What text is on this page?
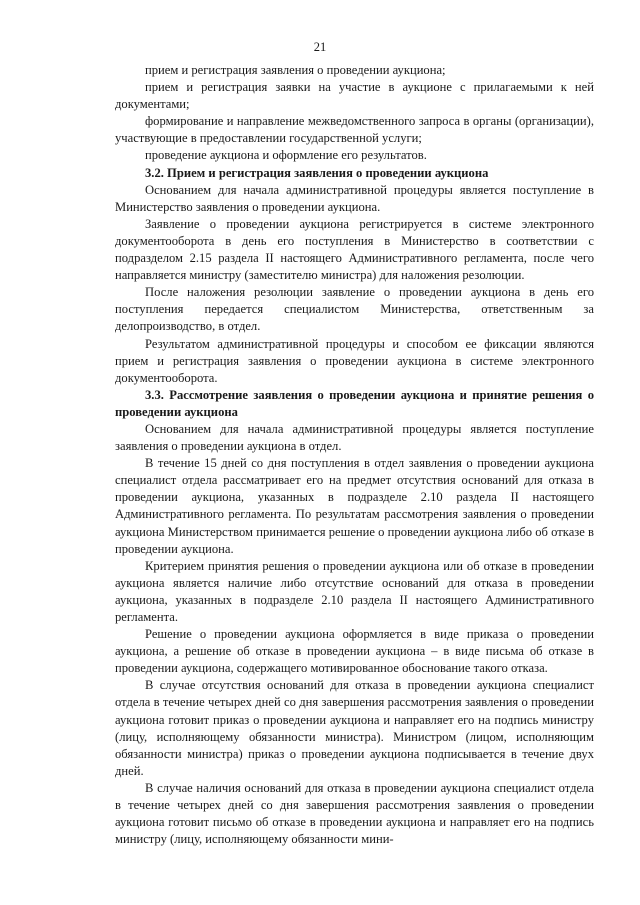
21

прием и регистрация заявления о проведении аукциона;

прием и регистрация заявки на участие в аукционе с прилагаемыми к ней документами;

формирование и направление межведомственного запроса в органы (организации), участвующие в предоставлении государственной услуги;

проведение аукциона и оформление его результатов.

3.2. Прием и регистрация заявления о проведении аукциона

Основанием для начала административной процедуры является поступление в Министерство заявления о проведении аукциона.

Заявление о проведении аукциона регистрируется в системе электронного документооборота в день его поступления в Министерство в соответствии с подразделом 2.15 раздела II настоящего Административного регламента, после чего направляется министру (заместителю министра) для наложения резолюции.

После наложения резолюции заявление о проведении аукциона в день его поступления передается специалистом Министерства, ответственным за делопроизводство, в отдел.

Результатом административной процедуры и способом ее фиксации являются прием и регистрация заявления о проведении аукциона в системе электронного документооборота.

3.3. Рассмотрение заявления о проведении аукциона и принятие решения о проведении аукциона

Основанием для начала административной процедуры является поступление заявления о проведении аукциона в отдел.

В течение 15 дней со дня поступления в отдел заявления о проведении аукциона специалист отдела рассматривает его на предмет отсутствия оснований для отказа в проведении аукциона, указанных в подразделе 2.10 раздела II настоящего Административного регламента. По результатам рассмотрения заявления о проведении аукциона Министерством принимается решение о проведении аукциона либо об отказе в проведении аукциона.

Критерием принятия решения о проведении аукциона или об отказе в проведении аукциона является наличие либо отсутствие оснований для отказа в проведении аукциона, указанных в подразделе 2.10 раздела II настоящего Административного регламента.

Решение о проведении аукциона оформляется в виде приказа о проведении аукциона, а решение об отказе в проведении аукциона – в виде письма об отказе в проведении аукциона, содержащего мотивированное обоснование такого отказа.

В случае отсутствия оснований для отказа в проведении аукциона специалист отдела в течение четырех дней со дня завершения рассмотрения заявления о проведении аукциона готовит приказ о проведении аукциона и направляет его на подпись министру (лицу, исполняющему обязанности министра). Министром (лицом, исполняющим обязанности министра) приказ о проведении аукциона подписывается в течение двух дней.

В случае наличия оснований для отказа в проведении аукциона специалист отдела в течение четырех дней со дня завершения рассмотрения заявления о проведении аукциона готовит письмо об отказе в проведении аукциона и направляет его на подпись министру (лицу, исполняющему обязанности мини-
